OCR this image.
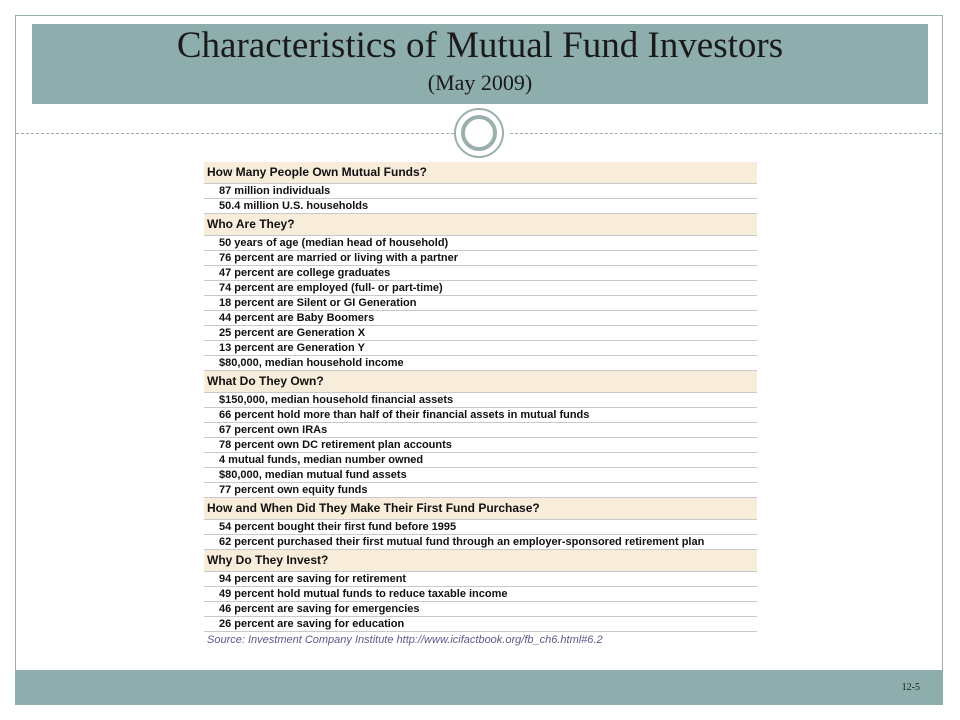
Characteristics of Mutual Fund Investors
(May 2009)
How Many People Own Mutual Funds?
87 million individuals
50.4 million U.S. households
Who Are They?
50 years of age (median head of household)
76 percent are married or living with a partner
47 percent are college graduates
74 percent are employed (full- or part-time)
18 percent are Silent or GI Generation
44 percent are Baby Boomers
25 percent are Generation X
13 percent are Generation Y
$80,000, median household income
What Do They Own?
$150,000, median household financial assets
66 percent hold more than half of their financial assets in mutual funds
67 percent own IRAs
78 percent own DC retirement plan accounts
4 mutual funds, median number owned
$80,000, median mutual fund assets
77 percent own equity funds
How and When Did They Make Their First Fund Purchase?
54 percent bought their first fund before 1995
62 percent purchased their first mutual fund through an employer-sponsored retirement plan
Why Do They Invest?
94 percent are saving for retirement
49 percent hold mutual funds to reduce taxable income
46 percent are saving for emergencies
26 percent are saving for education
Source: Investment Company Institute http://www.icifactbook.org/fb_ch6.html#6.2
12-5
